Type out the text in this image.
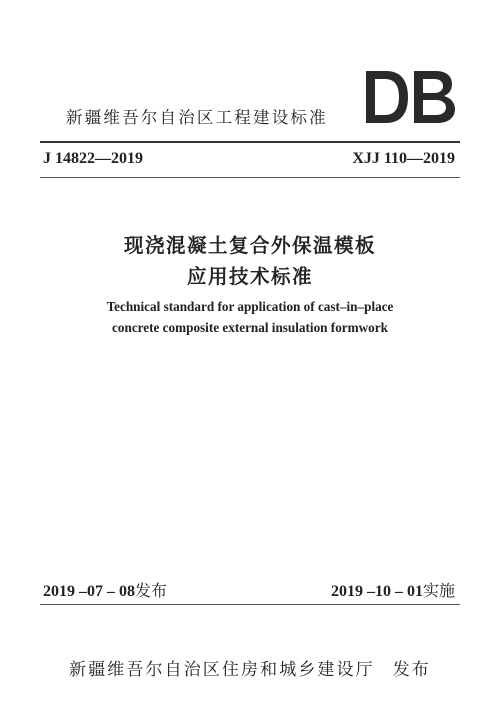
新疆维吾尔自治区工程建设标准
J 14822—2019	XJJ 110—2019
现浇混凝土复合外保温模板
应用技术标准
Technical standard for application of cast–in–place
concrete composite external insulation formwork
2019 –07 – 08发布	2019 –10 – 01实施
新疆维吾尔自治区住房和城乡建设厅 发布
